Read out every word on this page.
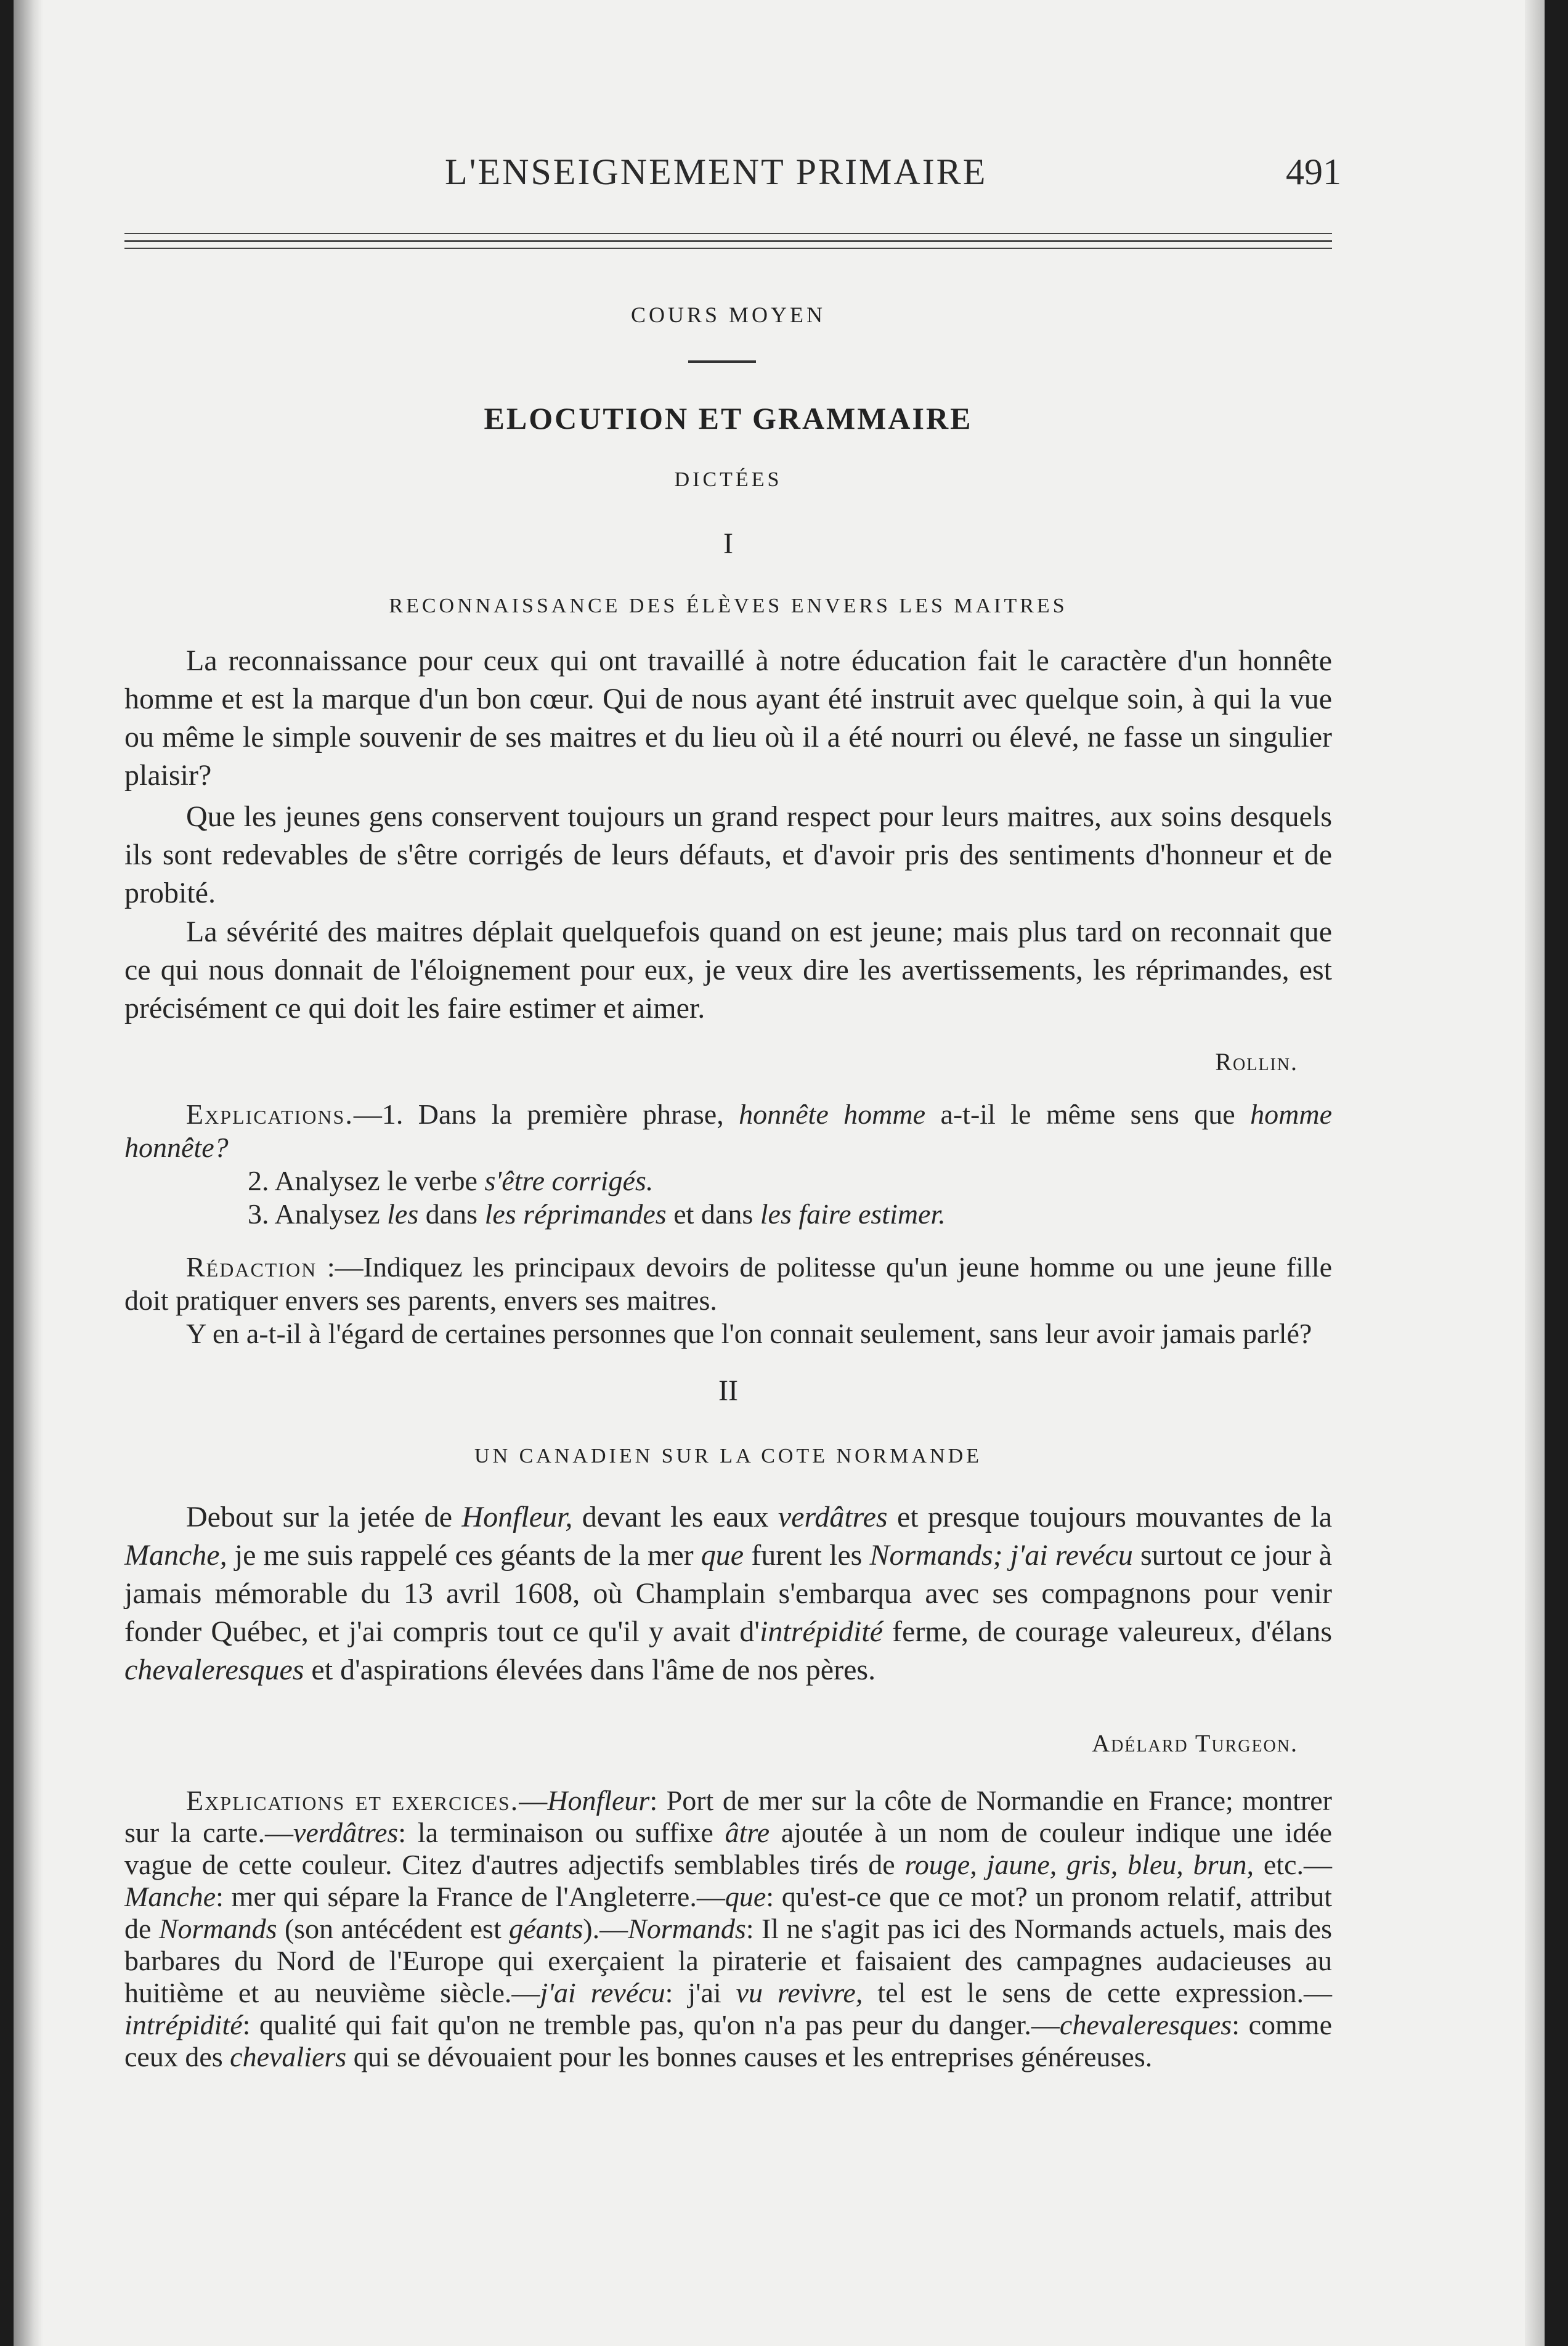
L'ENSEIGNEMENT PRIMAIRE	491
COURS MOYEN
ELOCUTION ET GRAMMAIRE
DICTÉES
I
RECONNAISSANCE DES ÉLÈVES ENVERS LES MAITRES

La reconnaissance pour ceux qui ont travaillé à notre éducation fait le caractère d'un honnête homme et est la marque d'un bon cœur. Qui de nous ayant été instruit avec quelque soin, à qui la vue ou même le simple souvenir de ses maitres et du lieu où il a été nourri ou élevé, ne fasse un singulier plaisir?

Que les jeunes gens conservent toujours un grand respect pour leurs maitres, aux soins desquels ils sont redevables de s'être corrigés de leurs défauts, et d'avoir pris des sentiments d'honneur et de probité.

La sévérité des maitres déplait quelquefois quand on est jeune; mais plus tard on reconnait que ce qui nous donnait de l'éloignement pour eux, je veux dire les avertissements, les réprimandes, est précisément ce qui doit les faire estimer et aimer.

Rollin.

Explications.—1. Dans la première phrase, honnête homme a-t-il le même sens que homme honnête?

2. Analysez le verbe s'être corrigés.

3. Analysez les dans les réprimandes et dans les faire estimer.

Rédaction :—Indiquez les principaux devoirs de politesse qu'un jeune homme ou une jeune fille doit pratiquer envers ses parents, envers ses maitres.

Y en a-t-il à l'égard de certaines personnes que l'on connait seulement, sans leur avoir jamais parlé?

II
UN CANADIEN SUR LA COTE NORMANDE

Debout sur la jetée de Honfleur, devant les eaux verdâtres et presque toujours mouvantes de la Manche, je me suis rappelé ces géants de la mer que furent les Normands; j'ai revécu surtout ce jour à jamais mémorable du 13 avril 1608, où Champlain s'embarqua avec ses compagnons pour venir fonder Québec, et j'ai compris tout ce qu'il y avait d'intrépidité ferme, de courage valeureux, d'élans chevaleresques et d'aspirations élevées dans l'âme de nos pères.

Adélard Turgeon.

Explications et exercices.—Honfleur: Port de mer sur la côte de Normandie en France; montrer sur la carte.—verdâtres: la terminaison ou suffixe âtre ajoutée à un nom de couleur indique une idée vague de cette couleur. Citez d'autres adjectifs semblables tirés de rouge, jaune, gris, bleu, brun, etc.—Manche: mer qui sépare la France de l'Angleterre.—que: qu'est-ce que ce mot? un pronom relatif, attribut de Normands (son antécédent est géants).—Normands: Il ne s'agit pas ici des Normands actuels, mais des barbares du Nord de l'Europe qui exerçaient la piraterie et faisaient des campagnes audacieuses au huitième et au neuvième siècle.—j'ai revécu: j'ai vu revivre, tel est le sens de cette expression.—intrépidité: qualité qui fait qu'on ne tremble pas, qu'on n'a pas peur du danger.—chevaleresques: comme ceux des chevaliers qui se dévouaient pour les bonnes causes et les entreprises généreuses.
